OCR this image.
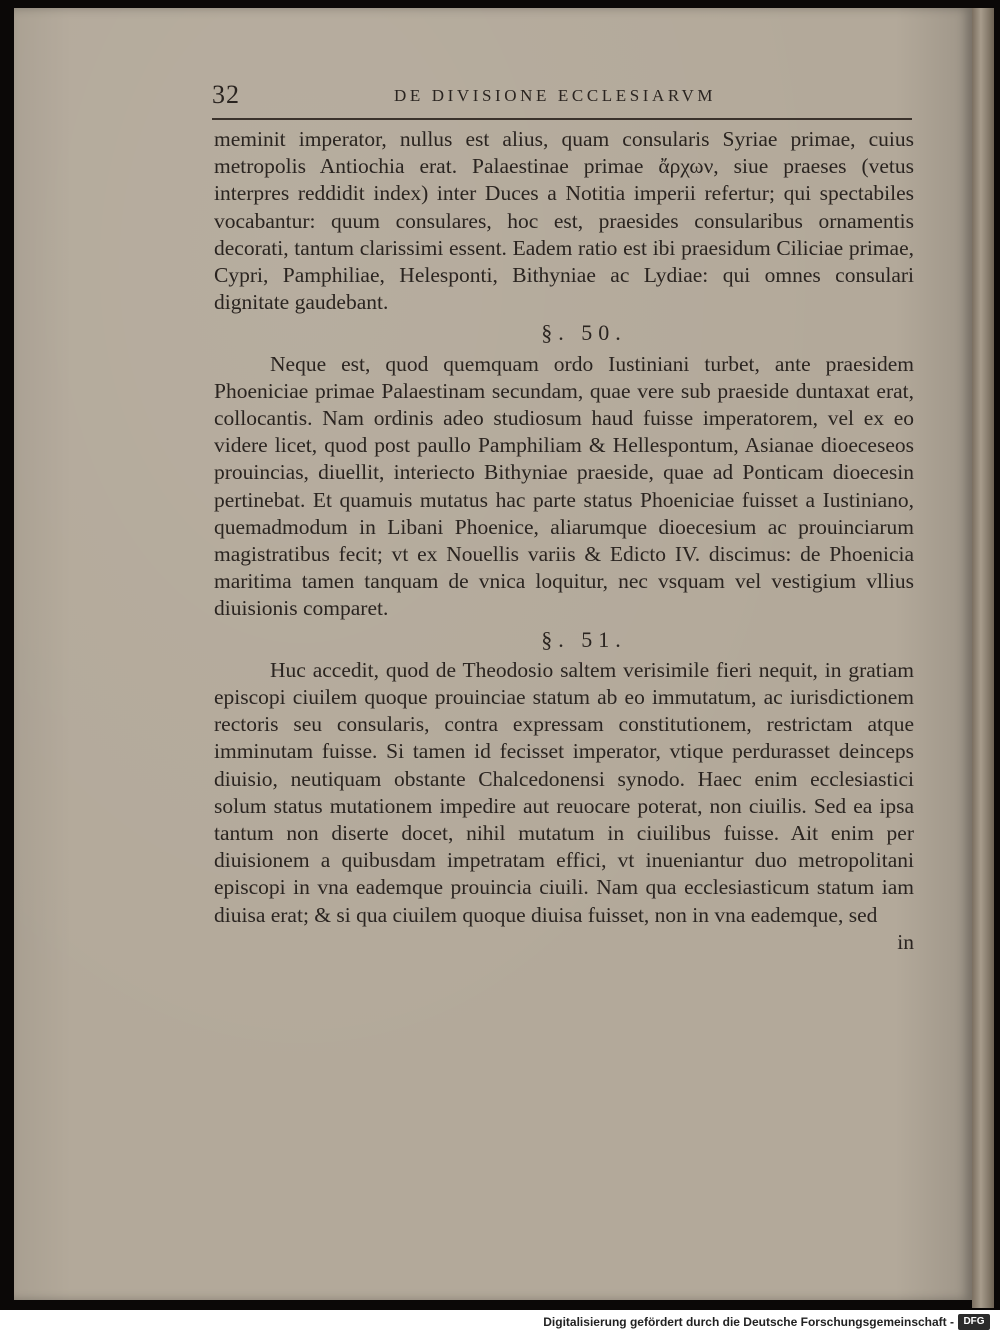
32	DE DIVISIONE ECCLESIARVM

meminit imperator, nullus est alius, quam consularis Syriae primae, cuius metropolis Antiochia erat. Palaestinae primae ἄρχων, siue praeses (vetus interpres reddidit index) inter Duces a Notitia imperii refertur; qui spectabiles vocabantur: quum consulares, hoc est, praesides consularibus ornamentis decorati, tantum clarissimi essent. Eadem ratio est ibi praesidum Ciliciae primae, Cypri, Pamphiliae, Helesponti, Bithyniae ac Lydiae: qui omnes consulari dignitate gaudebant.

§. 50.

Neque est, quod quemquam ordo Iustiniani turbet, ante praesidem Phoeniciae primae Palaestinam secundam, quae vere sub praeside duntaxat erat, collocantis. Nam ordinis adeo studiosum haud fuisse imperatorem, vel ex eo videre licet, quod post paullo Pamphiliam & Hellespontum, Asianae dioeceseos prouincias, diuellit, interiecto Bithyniae praeside, quae ad Ponticam dioecesin pertinebat. Et quamuis mutatus hac parte status Phoeniciae fuisset a Iustiniano, quemadmodum in Libani Phoenice, aliarumque dioecesium ac prouinciarum magistratibus fecit; vt ex Nouellis variis & Edicto IV. discimus: de Phoenicia maritima tamen tanquam de vnica loquitur, nec vsquam vel vestigium vllius diuisionis comparet.

§. 51.

Huc accedit, quod de Theodosio saltem verisimile fieri nequit, in gratiam episcopi ciuilem quoque prouinciae statum ab eo immutatum, ac iurisdictionem rectoris seu consularis, contra expressam constitutionem, restrictam atque imminutam fuisse. Si tamen id fecisset imperator, vtique perdurasset deinceps diuisio, neutiquam obstante Chalcedonensi synodo. Haec enim ecclesiastici solum status mutationem impedire aut reuocare poterat, non ciuilis. Sed ea ipsa tantum non diserte docet, nihil mutatum in ciuilibus fuisse. Ait enim per diuisionem a quibusdam impetratam effici, vt inueniantur duo metropolitani episcopi in vna eademque prouincia ciuili. Nam qua ecclesiasticum statum iam diuisa erat; & si qua ciuilem quoque diuisa fuisset, non in vna eademque, sed

in

Digitalisierung gefördert durch die Deutsche Forschungsgemeinschaft - DFG
